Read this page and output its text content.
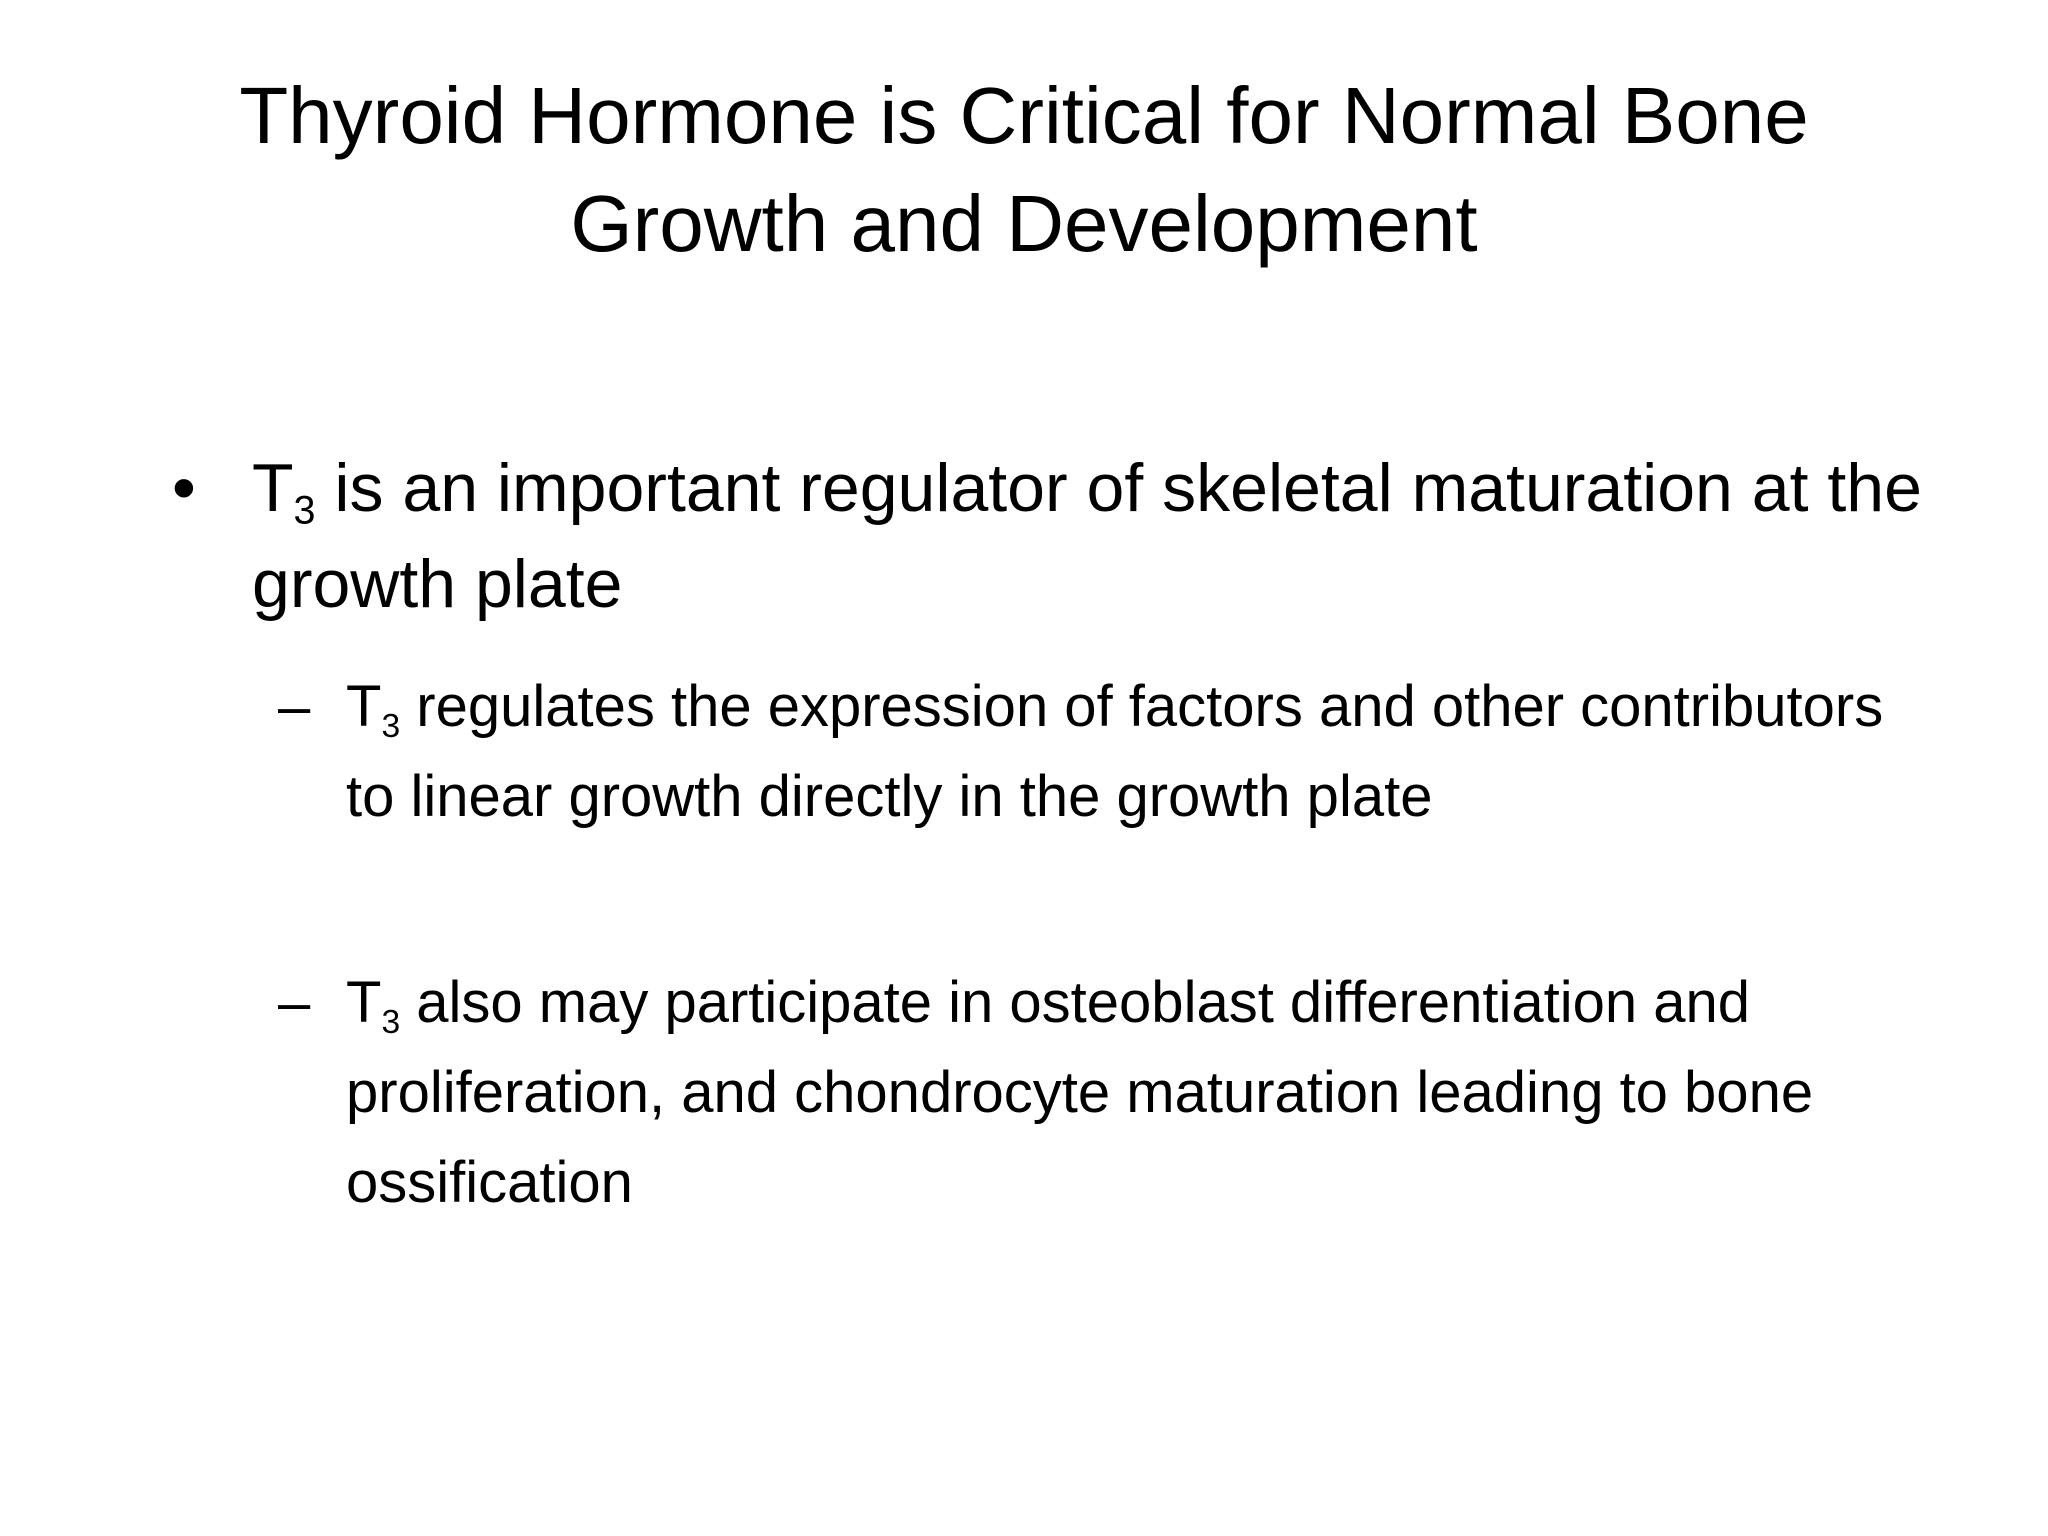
Thyroid Hormone is Critical for Normal Bone
Growth and Development
• $T_3$ is an important regulator of skeletal maturation at the growth plate
– $T_3$ regulates the expression of factors and other contributors to linear growth directly in the growth plate
– $T_3$ also may participate in osteoblast differentiation and proliferation, and chondrocyte maturation leading to bone ossification
